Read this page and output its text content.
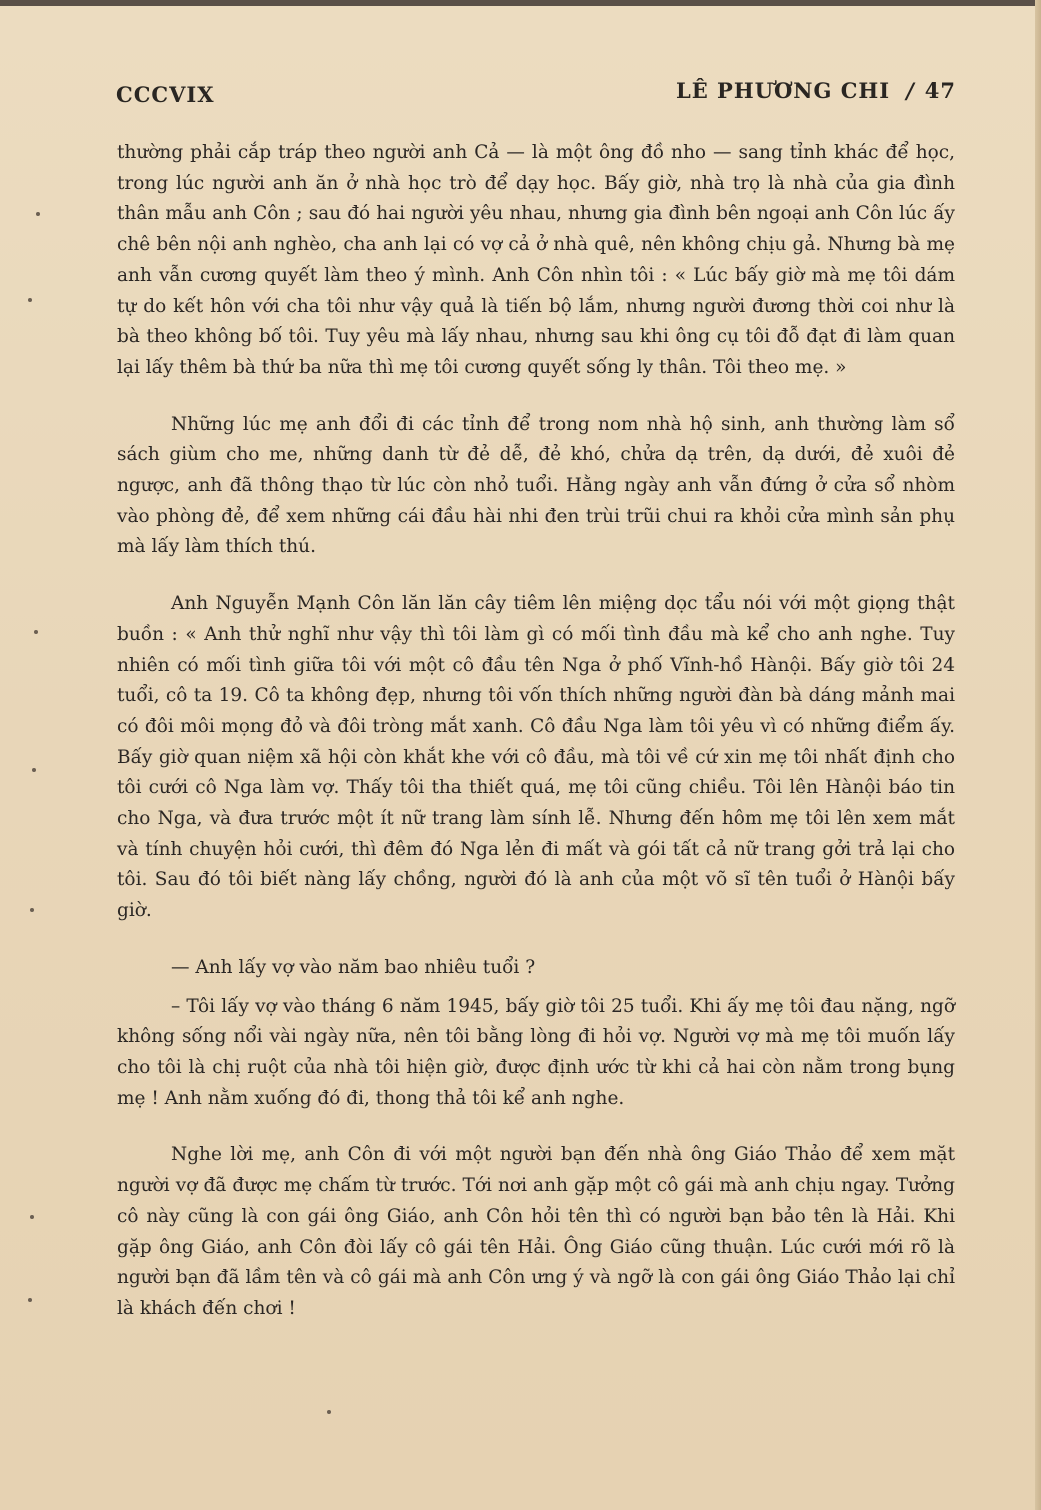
CCCVIX	LÊ PHƯƠNG CHI / 47

thường phải cắp tráp theo người anh Cả — là một ông đồ nho — sang tỉnh khác để học, trong lúc người anh ăn ở nhà học trò để dạy học. Bấy giờ, nhà trọ là nhà của gia đình thân mẫu anh Côn ; sau đó hai người yêu nhau, nhưng gia đình bên ngoại anh Côn lúc ấy chê bên nội anh nghèo, cha anh lại có vợ cả ở nhà quê, nên không chịu gả. Nhưng bà mẹ anh vẫn cương quyết làm theo ý mình. Anh Côn nhìn tôi : « Lúc bấy giờ mà mẹ tôi dám tự do kết hôn với cha tôi như vậy quả là tiến bộ lắm, nhưng người đương thời coi như là bà theo không bố tôi. Tuy yêu mà lấy nhau, nhưng sau khi ông cụ tôi đỗ đạt đi làm quan lại lấy thêm bà thứ ba nữa thì mẹ tôi cương quyết sống ly thân. Tôi theo mẹ. »

Những lúc mẹ anh đổi đi các tỉnh để trong nom nhà hộ sinh, anh thường làm sổ sách giùm cho me, những danh từ đẻ dễ, đẻ khó, chửa dạ trên, dạ dưới, đẻ xuôi đẻ ngược, anh đã thông thạo từ lúc còn nhỏ tuổi. Hằng ngày anh vẫn đứng ở cửa sổ nhòm vào phòng đẻ, để xem những cái đầu hài nhi đen trùi trũi chui ra khỏi cửa mình sản phụ mà lấy làm thích thú.

Anh Nguyễn Mạnh Côn lăn lăn cây tiêm lên miệng dọc tẩu nói với một giọng thật buồn : « Anh thử nghĩ như vậy thì tôi làm gì có mối tình đầu mà kể cho anh nghe. Tuy nhiên có mối tình giữa tôi với một cô đầu tên Nga ở phố Vĩnh-hồ Hànội. Bấy giờ tôi 24 tuổi, cô ta 19. Cô ta không đẹp, nhưng tôi vốn thích những người đàn bà dáng mảnh mai có đôi môi mọng đỏ và đôi tròng mắt xanh. Cô đầu Nga làm tôi yêu vì có những điểm ấy. Bấy giờ quan niệm xã hội còn khắt khe với cô đầu, mà tôi về cứ xin mẹ tôi nhất định cho tôi cưới cô Nga làm vợ. Thấy tôi tha thiết quá, mẹ tôi cũng chiều. Tôi lên Hànội báo tin cho Nga, và đưa trước một ít nữ trang làm sính lễ. Nhưng đến hôm mẹ tôi lên xem mắt và tính chuyện hỏi cưới, thì đêm đó Nga lẻn đi mất và gói tất cả nữ trang gởi trả lại cho tôi. Sau đó tôi biết nàng lấy chồng, người đó là anh của một võ sĩ tên tuổi ở Hànội bấy giờ.

— Anh lấy vợ vào năm bao nhiêu tuổi ?

– Tôi lấy vợ vào tháng 6 năm 1945, bấy giờ tôi 25 tuổi. Khi ấy mẹ tôi đau nặng, ngỡ không sống nổi vài ngày nữa, nên tôi bằng lòng đi hỏi vợ. Người vợ mà mẹ tôi muốn lấy cho tôi là chị ruột của nhà tôi hiện giờ, được định ước từ khi cả hai còn nằm trong bụng mẹ ! Anh nằm xuống đó đi, thong thả tôi kể anh nghe.

Nghe lời mẹ, anh Côn đi với một người bạn đến nhà ông Giáo Thảo để xem mặt người vợ đã được mẹ chấm từ trước. Tới nơi anh gặp một cô gái mà anh chịu ngay. Tưởng cô này cũng là con gái ông Giáo, anh Côn hỏi tên thì có người bạn bảo tên là Hải. Khi gặp ông Giáo, anh Côn đòi lấy cô gái tên Hải. Ông Giáo cũng thuận. Lúc cưới mới rõ là người bạn đã lầm tên và cô gái mà anh Côn ưng ý và ngỡ là con gái ông Giáo Thảo lại chỉ là khách đến chơi !
